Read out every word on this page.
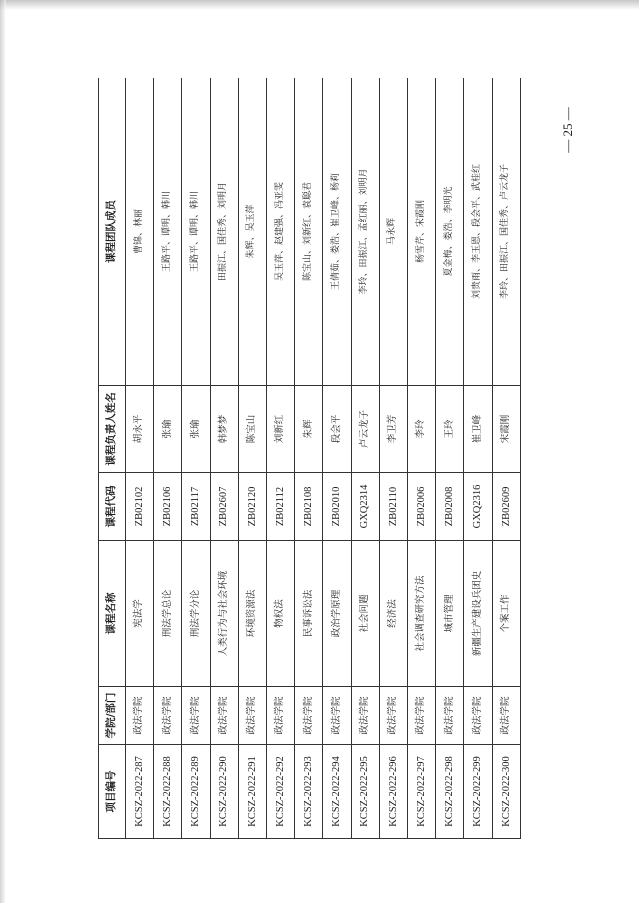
项目编号	学院/部门	课程名称	课程代码	课程负责人姓名	课程团队成员
KCSZ-2022-287	政法学院	宪法学	ZB02102	胡永平	曹锦、林丽
KCSZ-2022-288	政法学院	刑法学总论	ZB02106	张瑜	王路平、谭明、韩川
KCSZ-2022-289	政法学院	刑法学分论	ZB02117	张瑜	王路平、谭明、韩川
KCSZ-2022-290	政法学院	人类行为与社会环境	ZB02607	韩梦梦	田振江、国佳秀、刘明月
KCSZ-2022-291	政法学院	环境资源法	ZB02120	陈宝山	朱辉、吴玉萍
KCSZ-2022-292	政法学院	物权法	ZB02112	刘新红	吴玉萍、赵建强、冯亚雯
KCSZ-2022-293	政法学院	民事诉讼法	ZB02108	朱辉	陈宝山、刘新红、袁聪君
KCSZ-2022-294	政法学院	政治学原理	ZB02010	段会平	王倩茹、娄浩、崔卫峰、杨莉
KCSZ-2022-295	政法学院	社会问题	GXQ2314	卢云龙子	李玲、田振江、孟红丽、刘明月
KCSZ-2022-296	政法学院	经济法	ZB02110	李卫芳	马永辉
KCSZ-2022-297	政法学院	社会调查研究方法	ZB02006	李玲	杨雪芹、宋霞刚
KCSZ-2022-298	政法学院	城市管理	ZB02008	王玲	夏金梅、娄浩、李明光
KCSZ-2022-299	政法学院	新疆生产建设兵团史	GXQ2316	崔卫峰	刘贵雨、李玉恩、段会平、武桂红
KCSZ-2022-300	政法学院	个案工作	ZB02609	宋霞刚	李玲、田振江、国佳秀、卢云龙子
— 25 —
